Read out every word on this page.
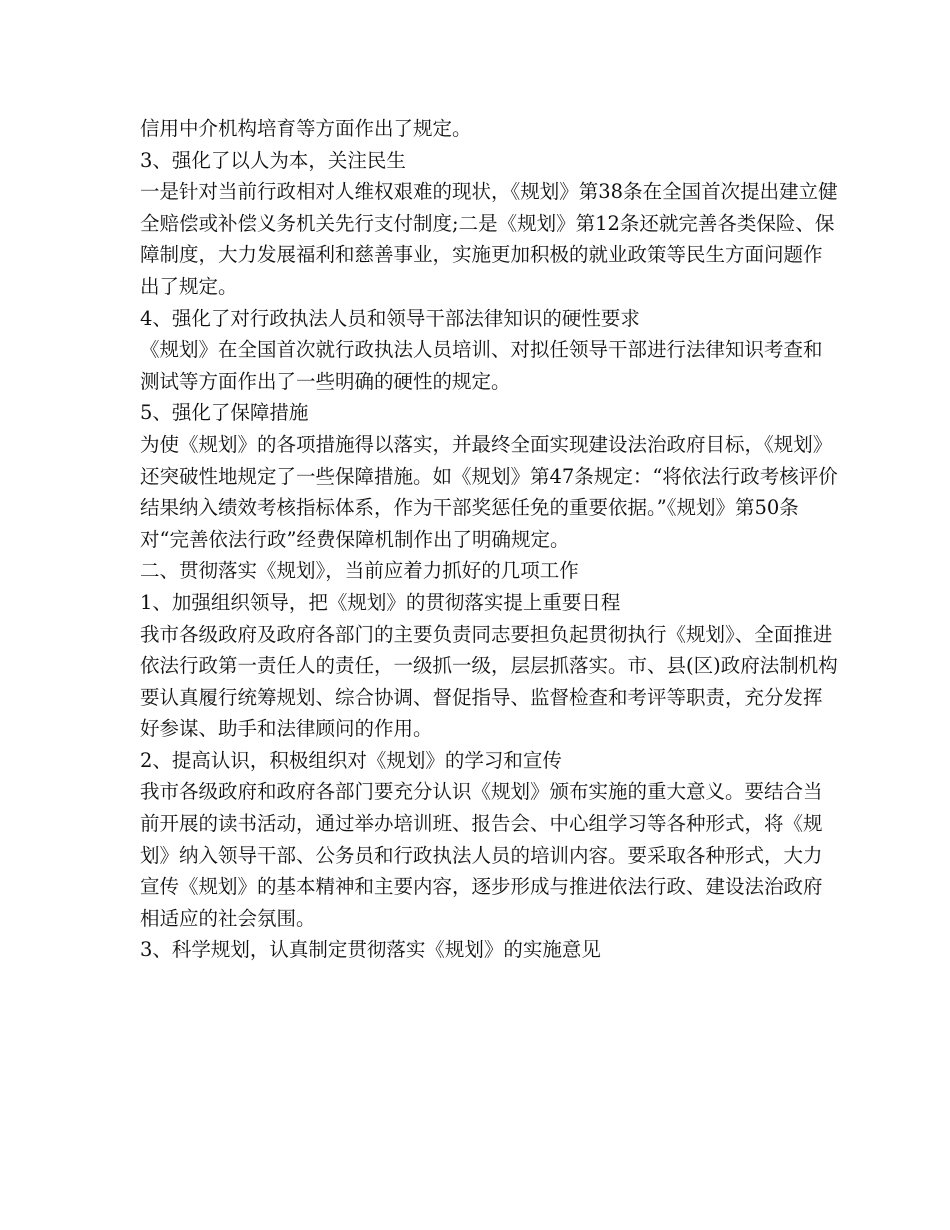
信用中介机构培育等方面作出了规定。

3、强化了以人为本，关注民生

一是针对当前行政相对人维权艰难的现状，《规划》第38条在全国首次提出建立健全赔偿或补偿义务机关先行支付制度;二是《规划》第12条还就完善各类保险、保障制度，大力发展福利和慈善事业，实施更加积极的就业政策等民生方面问题作出了规定。

4、强化了对行政执法人员和领导干部法律知识的硬性要求

《规划》在全国首次就行政执法人员培训、对拟任领导干部进行法律知识考查和测试等方面作出了一些明确的硬性的规定。

5、强化了保障措施

为使《规划》的各项措施得以落实，并最终全面实现建设法治政府目标，《规划》还突破性地规定了一些保障措施。如《规划》第47条规定：“将依法行政考核评价结果纳入绩效考核指标体系，作为干部奖惩任免的重要依据。”《规划》第50条对“完善依法行政”经费保障机制作出了明确规定。

二、贯彻落实《规划》，当前应着力抓好的几项工作

1、加强组织领导，把《规划》的贯彻落实提上重要日程

我市各级政府及政府各部门的主要负责同志要担负起贯彻执行《规划》、全面推进依法行政第一责任人的责任，一级抓一级，层层抓落实。市、县(区)政府法制机构要认真履行统筹规划、综合协调、督促指导、监督检查和考评等职责，充分发挥好参谋、助手和法律顾问的作用。

2、提高认识，积极组织对《规划》的学习和宣传

我市各级政府和政府各部门要充分认识《规划》颁布实施的重大意义。要结合当前开展的读书活动，通过举办培训班、报告会、中心组学习等各种形式，将《规划》纳入领导干部、公务员和行政执法人员的培训内容。要采取各种形式，大力宣传《规划》的基本精神和主要内容，逐步形成与推进依法行政、建设法治政府相适应的社会氛围。

3、科学规划，认真制定贯彻落实《规划》的实施意见
